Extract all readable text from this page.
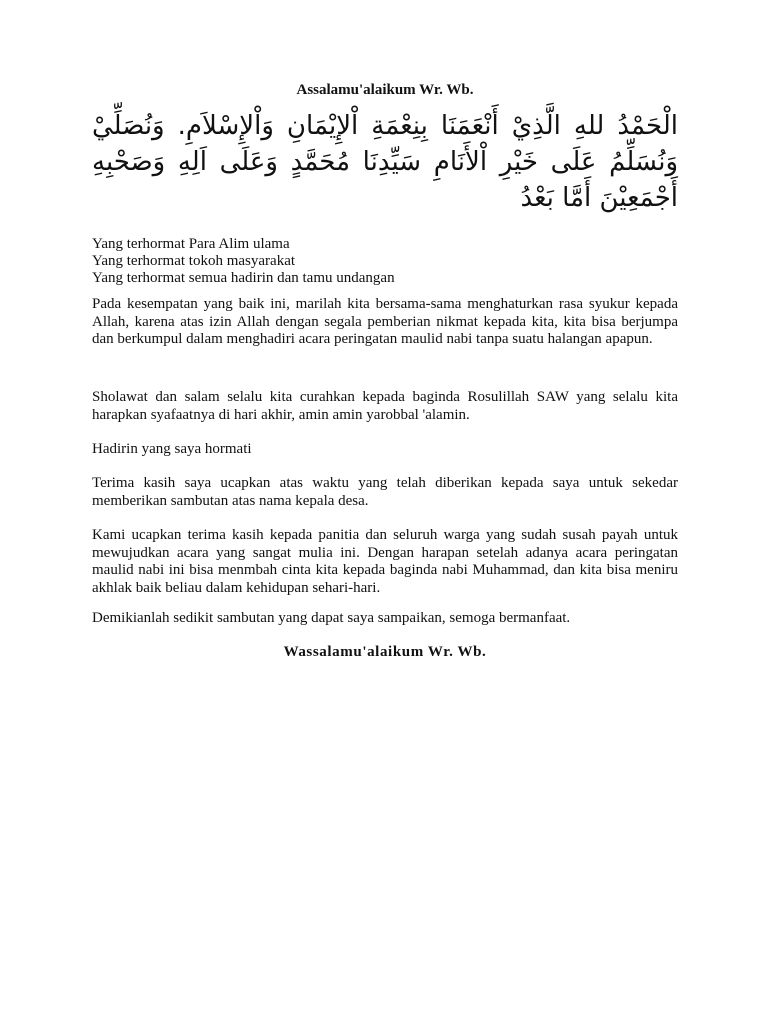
Assalamu'alaikum Wr. Wb.
الْحَمْدُ للهِ الَّذِيْ أَنْعَمَنَا بِنِعْمَةِ اْلإِيْمَانِ وَاْلإِسْلاَمِ. وَنُصَلِّيْ وَنُسَلِّمُ عَلَى خَيْرِ اْلأَنَامِ سَيِّدِنَا مُحَمَّدٍ وَعَلَى اَلِهِ وَصَحْبِهِ أَجْمَعِيْنَ أَمَّا بَعْدُ
Yang terhormat Para Alim ulama
Yang terhormat tokoh masyarakat
Yang terhormat semua hadirin dan tamu undangan

Pada kesempatan yang baik ini, marilah kita bersama-sama menghaturkan rasa syukur kepada Allah, karena atas izin Allah dengan segala pemberian nikmat kepada kita, kita bisa berjumpa dan berkumpul dalam menghadiri acara peringatan maulid nabi tanpa suatu halangan apapun.

Sholawat dan salam selalu kita curahkan kepada baginda Rosulillah SAW yang selalu kita harapkan syafaatnya di hari akhir, amin amin yarobbal 'alamin.

Hadirin yang saya hormati

Terima kasih saya ucapkan atas waktu yang telah diberikan kepada saya untuk sekedar memberikan sambutan atas nama kepala desa.

Kami ucapkan terima kasih kepada panitia dan seluruh warga yang sudah susah payah untuk mewujudkan acara yang sangat mulia ini. Dengan harapan setelah adanya acara peringatan maulid nabi ini bisa menmbah cinta kita kepada baginda nabi Muhammad, dan kita bisa meniru akhlak baik beliau dalam kehidupan sehari-hari.

Demikianlah sedikit sambutan yang dapat saya sampaikan, semoga bermanfaat.

Wassalamu'alaikum Wr. Wb.
